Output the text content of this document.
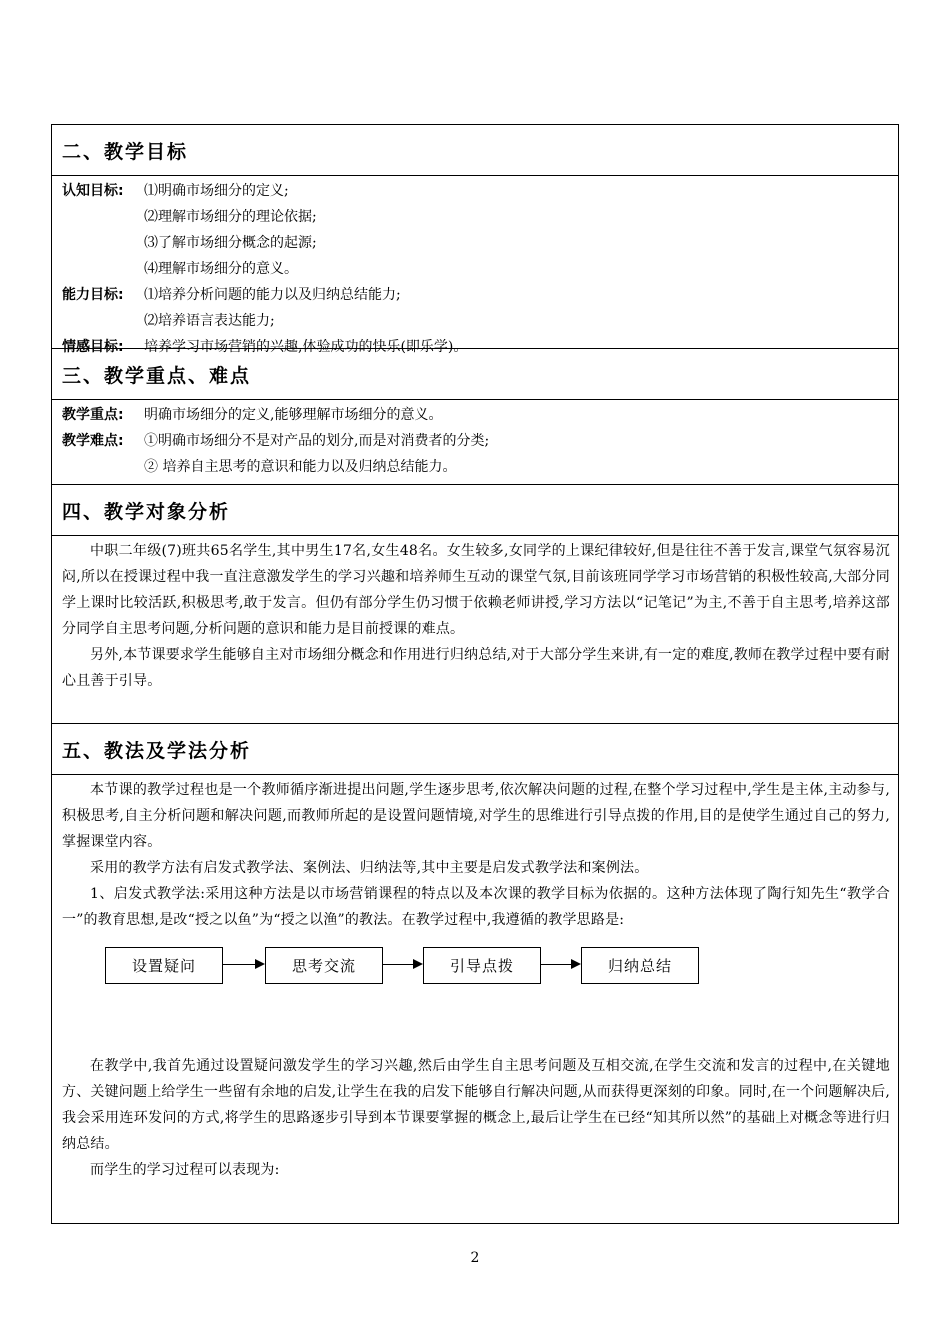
二、教学目标
认知目标: ⑴明确市场细分的定义;
⑵理解市场细分的理论依据;
⑶了解市场细分概念的起源;
⑷理解市场细分的意义。
能力目标: ⑴培养分析问题的能力以及归纳总结能力;
⑵培养语言表达能力;
情感目标: 培养学习市场营销的兴趣,体验成功的快乐(即乐学)。
三、教学重点、难点
教学重点: 明确市场细分的定义,能够理解市场细分的意义。
教学难点: ①明确市场细分不是对产品的划分,而是对消费者的分类;
② 培养自主思考的意识和能力以及归纳总结能力。
四、教学对象分析

中职二年级(7)班共65名学生,其中男生17名,女生48名。女生较多,女同学的上课纪律较好,但是往往不善于发言,课堂气氛容易沉闷,所以在授课过程中我一直注意激发学生的学习兴趣和培养师生互动的课堂气氛,目前该班同学学习市场营销的积极性较高,大部分同学上课时比较活跃,积极思考,敢于发言。但仍有部分学生仍习惯于依赖老师讲授,学习方法以“记笔记”为主,不善于自主思考,培养这部分同学自主思考问题,分析问题的意识和能力是目前授课的难点。

另外,本节课要求学生能够自主对市场细分概念和作用进行归纳总结,对于大部分学生来讲,有一定的难度,教师在教学过程中要有耐心且善于引导。

五、教法及学法分析

本节课的教学过程也是一个教师循序渐进提出问题,学生逐步思考,依次解决问题的过程,在整个学习过程中,学生是主体,主动参与,积极思考,自主分析问题和解决问题,而教师所起的是设置问题情境,对学生的思维进行引导点拨的作用,目的是使学生通过自己的努力,掌握课堂内容。

采用的教学方法有启发式教学法、案例法、归纳法等,其中主要是启发式教学法和案例法。

1、启发式教学法:采用这种方法是以市场营销课程的特点以及本次课的教学目标为依据的。这种方法体现了陶行知先生“教学合一”的教育思想,是改“授之以鱼”为“授之以渔”的教法。在教学过程中,我遵循的教学思路是:

设置疑问	思考交流	引导点拨	归纳总结

在教学中,我首先通过设置疑问激发学生的学习兴趣,然后由学生自主思考问题及互相交流,在学生交流和发言的过程中,在关键地方、关键问题上给学生一些留有余地的启发,让学生在我的启发下能够自行解决问题,从而获得更深刻的印象。同时,在一个问题解决后,我会采用连环发问的方式,将学生的思路逐步引导到本节课要掌握的概念上,最后让学生在已经“知其所以然”的基础上对概念等进行归纳总结。

而学生的学习过程可以表现为:

2
